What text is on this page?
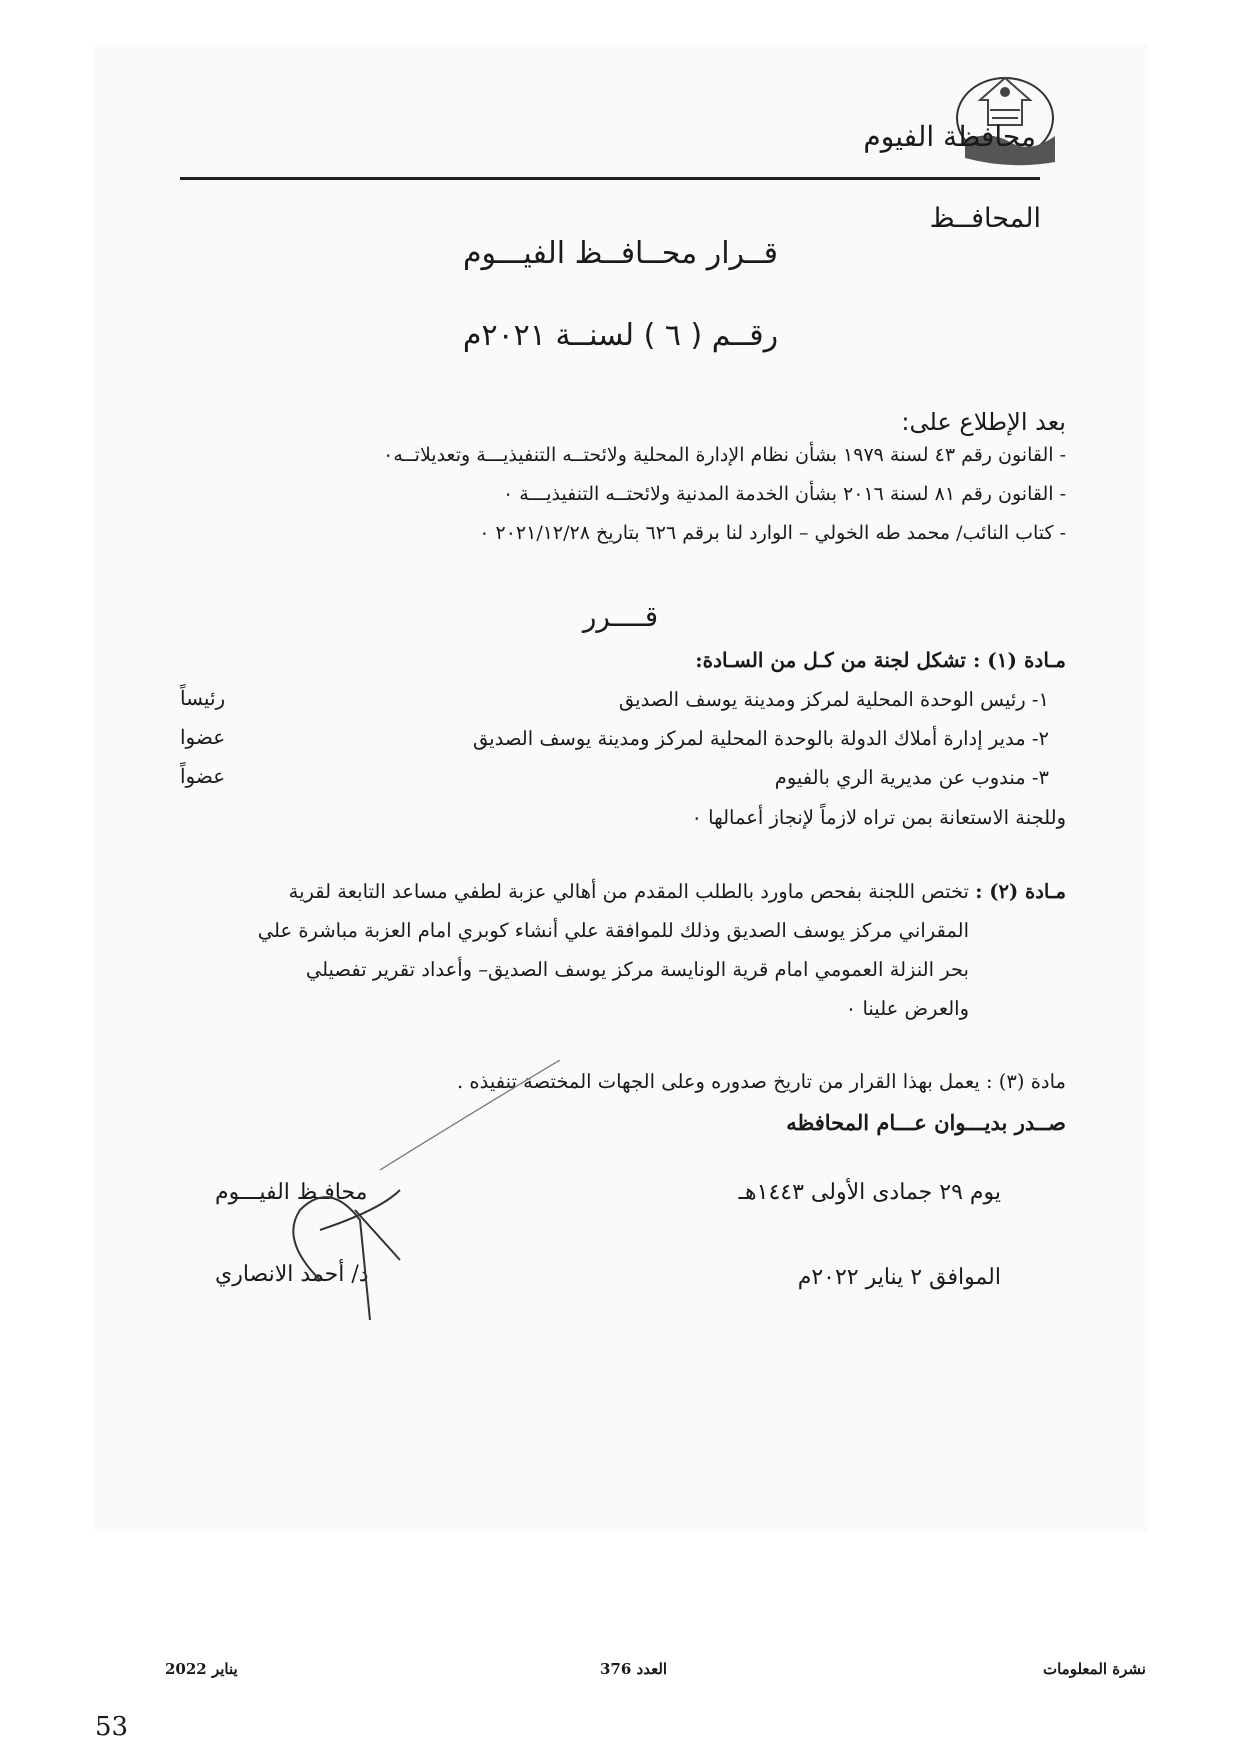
محافظة الفيوم
المحافــظ
قــرار محــافــظ الفيـــوم
رقــم ( ٦ ) لسنــة ٢٠٢١م
بعد الإطلاع على:
- القانون رقم ٤٣ لسنة ١٩٧٩ بشأن نظام الإدارة المحلية ولائحتــه التنفيذيـــة وتعديلاتــه٠
- القانون رقم ٨١ لسنة ٢٠١٦ بشأن الخدمة المدنية ولائحتــه التنفيذيـــة ٠
- كتاب النائب/ محمد طه الخولي – الوارد لنا برقم ٦٢٦ بتاريخ ٢٠٢١/١٢/٢٨ ٠
قــــرر
مـادة (١) : تشكل لجنة من كـل من السـادة:
١- رئيس الوحدة المحلية لمركز ومدينة يوسف الصديق
رئيساً
٢- مدير إدارة أملاك الدولة بالوحدة المحلية لمركز ومدينة يوسف الصديق
عضوا
٣- مندوب عن مديرية الري بالفيوم
عضواً
وللجنة الاستعانة بمن تراه لازماً لإنجاز أعمالها ٠
مـادة (٢) :
تختص اللجنة بفحص ماورد بالطلب المقدم من أهالي عزبة لطفي مساعد التابعة لقرية
المقراني مركز يوسف الصديق وذلك للموافقة علي أنشاء كوبري امام العزبة مباشرة علي
بحر النزلة العمومي امام قرية الونايسة مركز يوسف الصديق– وأعداد تقرير تفصيلي
والعرض علينا ٠
مادة (٣) : يعمل بهذا القرار من تاريخ صدوره وعلى الجهات المختصة تنفيذه .
صــدر بديـــوان عـــام المحافظه
يوم ٢٩ جمادى الأولى ١٤٤٣هـ
الموافق ٢ يناير ٢٠٢٢م
محافـظ الفيـــوم
د/ أحمد الانصاري
نشرة المعلومات
العدد 376
يناير 2022
53
